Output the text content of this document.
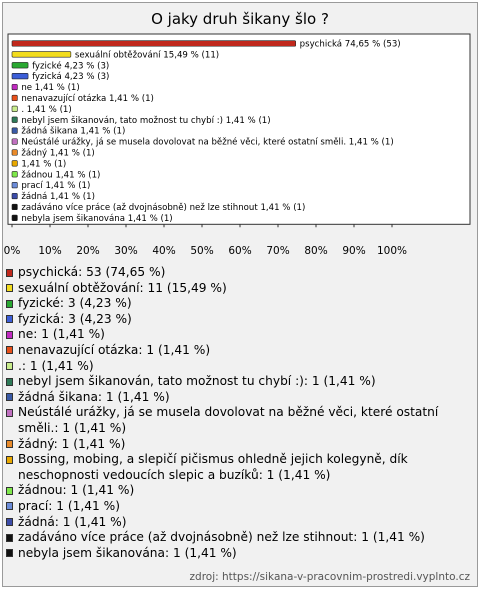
O jaky druh šikany šlo ?
psychická 74,65 % (53)
sexuální obtěžování 15,49 % (11)
fyzické 4,23 % (3)
fyzická 4,23 % (3)
ne 1,41 % (1)
nenavazující otázka 1,41 % (1)
. 1,41 % (1)
nebyl jsem šikanován, tato možnost tu chybí :) 1,41 % (1)
žádná šikana 1,41 % (1)
Neústálé urážky, já se musela dovolovat na běžné věci, které ostatní směli. 1,41 % (1)
žádný 1,41 % (1)
1,41 % (1)
žádnou 1,41 % (1)
prací 1,41 % (1)
žádná 1,41 % (1)
zadáváno více práce (až dvojnásobně) než lze stihnout 1,41 % (1)
nebyla jsem šikanována 1,41 % (1)
0% 10% 20% 30% 40% 50% 60% 70% 80% 90% 100%
psychická: 53 (74,65 %)
sexuální obtěžování: 11 (15,49 %)
fyzické: 3 (4,23 %)
fyzická: 3 (4,23 %)
ne: 1 (1,41 %)
nenavazující otázka: 1 (1,41 %)
.: 1 (1,41 %)
nebyl jsem šikanován, tato možnost tu chybí :): 1 (1,41 %)
žádná šikana: 1 (1,41 %)
Neústálé urážky, já se musela dovolovat na běžné věci, které ostatní směli.: 1 (1,41 %)
žádný: 1 (1,41 %)
Bossing, mobing, a slepičí pičismus ohledně jejich kolegyně, dík neschopnosti vedoucích slepic a buzíků: 1 (1,41 %)
žádnou: 1 (1,41 %)
prací: 1 (1,41 %)
žádná: 1 (1,41 %)
zadáváno více práce (až dvojnásobně) než lze stihnout: 1 (1,41 %)
nebyla jsem šikanována: 1 (1,41 %)
zdroj: https://sikana-v-pracovnim-prostredi.vyplnto.cz
